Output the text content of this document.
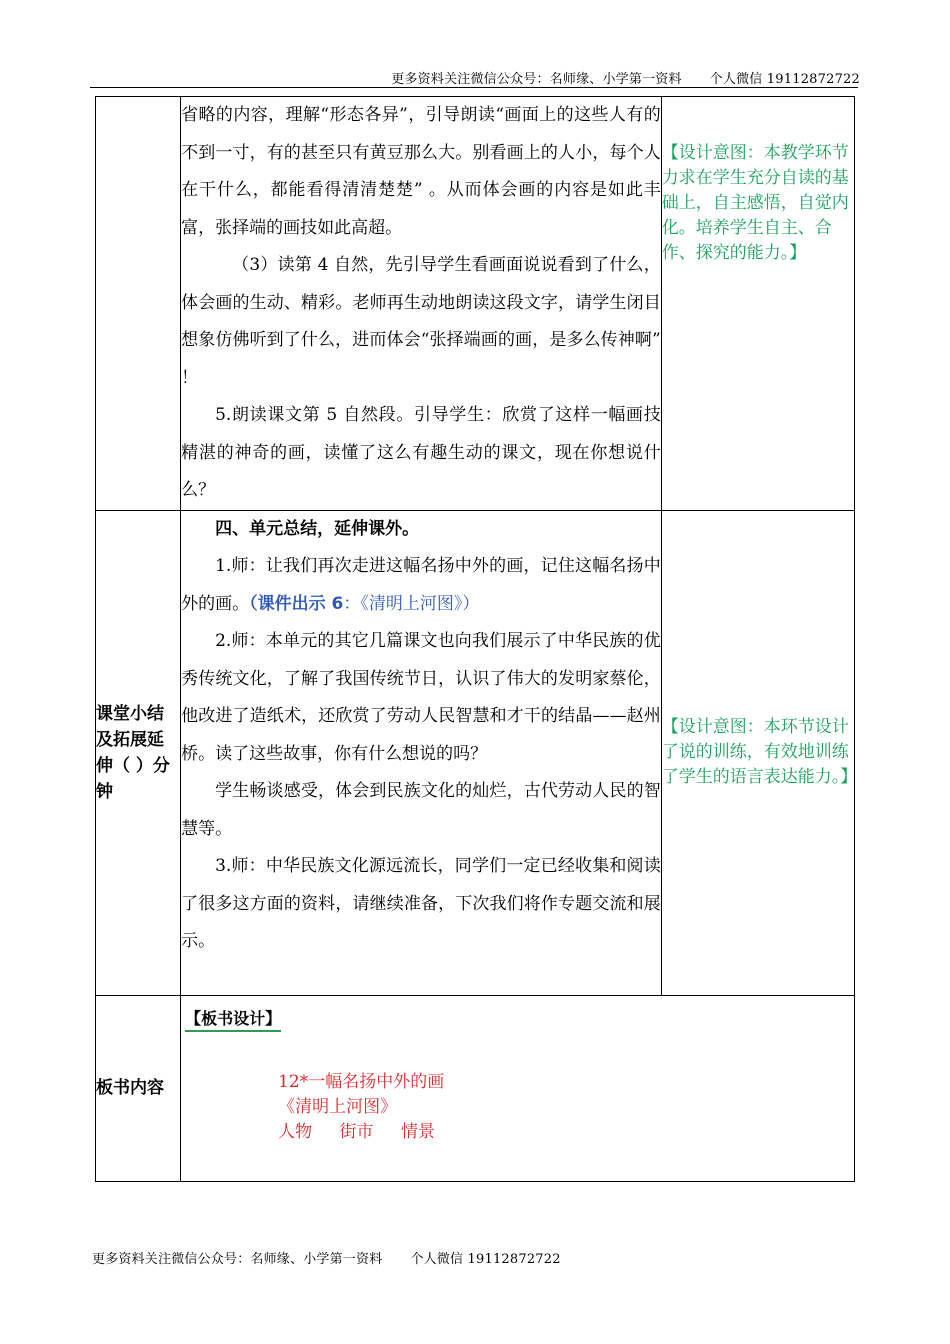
更多资料关注微信公众号：名师缘、小学第一资料 个人微信 19112872722

	省略的内容，理解“形态各异”，引导朗读“画面上的这些人有的不到一寸，有的甚至只有黄豆那么大。别看画上的人小，每个人在干什么，都能看得清清楚楚” 。从而体会画的内容是如此丰富，张择端的画技如此高超。

（3）读第 4 自然，先引导学生看画面说说看到了什么，体会画的生动、精彩。老师再生动地朗读这段文字，请学生闭目想象仿佛听到了什么，进而体会“张择端画的画，是多么传神啊” ！

5.朗读课文第 5 自然段。引导学生：欣赏了这样一幅画技精湛的神奇的画，读懂了这么有趣生动的课文，现在你想说什么？	【设计意图：本教学环节力求在学生充分自读的基础上，自主感悟，自觉内化。培养学生自主、合作、探究的能力。】
课堂小结及拓展延伸（ ）分钟	四、单元总结，延伸课外。

1.师：让我们再次走进这幅名扬中外的画，记住这幅名扬中外的画。（课件出示 6：《清明上河图》）

2.师：本单元的其它几篇课文也向我们展示了中华民族的优秀传统文化，了解了我国传统节日，认识了伟大的发明家蔡伦，他改进了造纸术，还欣赏了劳动人民智慧和才干的结晶——赵州桥。读了这些故事，你有什么想说的吗？

学生畅谈感受，体会到民族文化的灿烂，古代劳动人民的智慧等。

3.师：中华民族文化源远流长，同学们一定已经收集和阅读了很多这方面的资料，请继续准备，下次我们将作专题交流和展示。	【设计意图：本环节设计了说的训练，有效地训练了学生的语言表达能力。】
板书内容	【板书设计】
12*一幅名扬中外的画
《清明上河图》
人物 街市 情景	
更多资料关注微信公众号：名师缘、小学第一资料 个人微信 19112872722
